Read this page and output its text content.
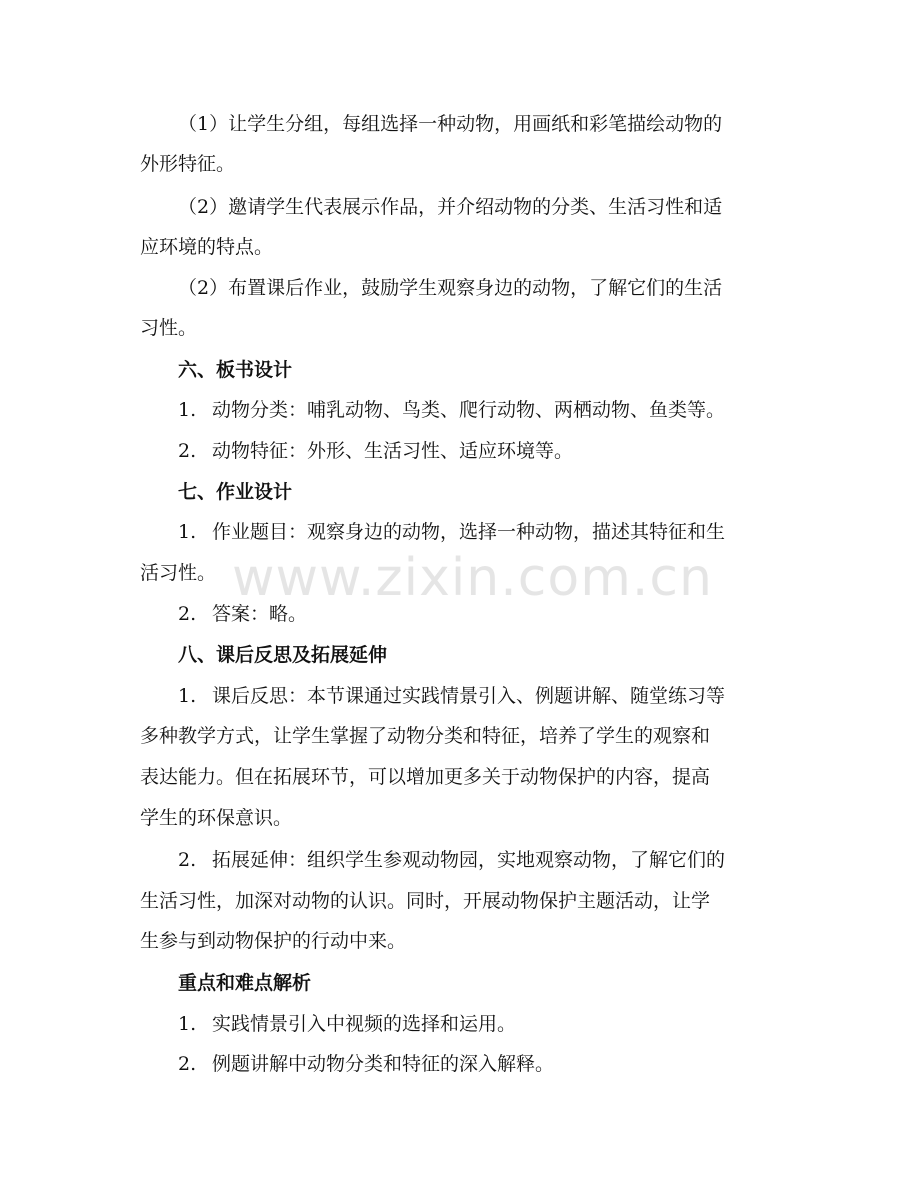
（1）让学生分组，每组选择一种动物，用画纸和彩笔描绘动物的
外形特征。
（2）邀请学生代表展示作品，并介绍动物的分类、生活习性和适
应环境的特点。
（2）布置课后作业，鼓励学生观察身边的动物，了解它们的生活
习性。
六、板书设计
1. 动物分类：哺乳动物、鸟类、爬行动物、两栖动物、鱼类等。
2. 动物特征：外形、生活习性、适应环境等。
七、作业设计
1. 作业题目：观察身边的动物，选择一种动物，描述其特征和生
活习性。
2. 答案：略。
八、课后反思及拓展延伸
1. 课后反思：本节课通过实践情景引入、例题讲解、随堂练习等
多种教学方式，让学生掌握了动物分类和特征，培养了学生的观察和
表达能力。但在拓展环节，可以增加更多关于动物保护的内容，提高
学生的环保意识。
2. 拓展延伸：组织学生参观动物园，实地观察动物，了解它们的
生活习性，加深对动物的认识。同时，开展动物保护主题活动，让学
生参与到动物保护的行动中来。
重点和难点解析
1. 实践情景引入中视频的选择和运用。
2. 例题讲解中动物分类和特征的深入解释。
www.zixin.com.cn
